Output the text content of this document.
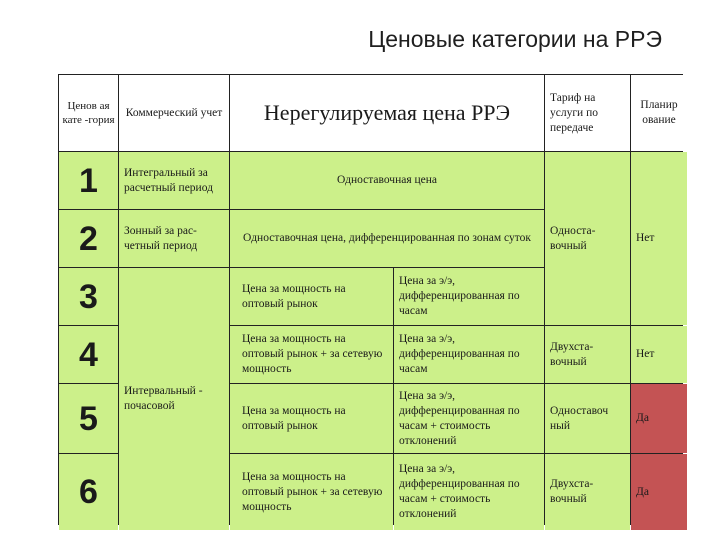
Ценовые категории на РРЭ
Ценов ая кате -гория
Коммерческий учет	Нерегулируемая цена РРЭ
Тариф на услуги по передаче
Планир ование
1
2
3
4
5
6
Интегральный за расчетный период
Зонный за рас-четный период
Интервальный - почасовой
Одноставочная цена
Одноставочная цена, дифференцированная по зонам суток
Цена за мощность на оптовый рынок
Цена за э/э, дифференцированная по часам
Цена за мощность на оптовый рынок + за сетевую мощность
Цена за э/э, дифференцированная по часам
Цена за мощность на оптовый рынок
Цена за э/э, дифференцированная по часам + стоимость отклонений
Цена за мощность на оптовый рынок + за сетевую мощность
Цена за э/э, дифференцированная по часам + стоимость отклонений
Односта-вочный
Двухста-вочный
Одноставоч ный
Двухста-вочный
Нет
Нет
Да
Да
